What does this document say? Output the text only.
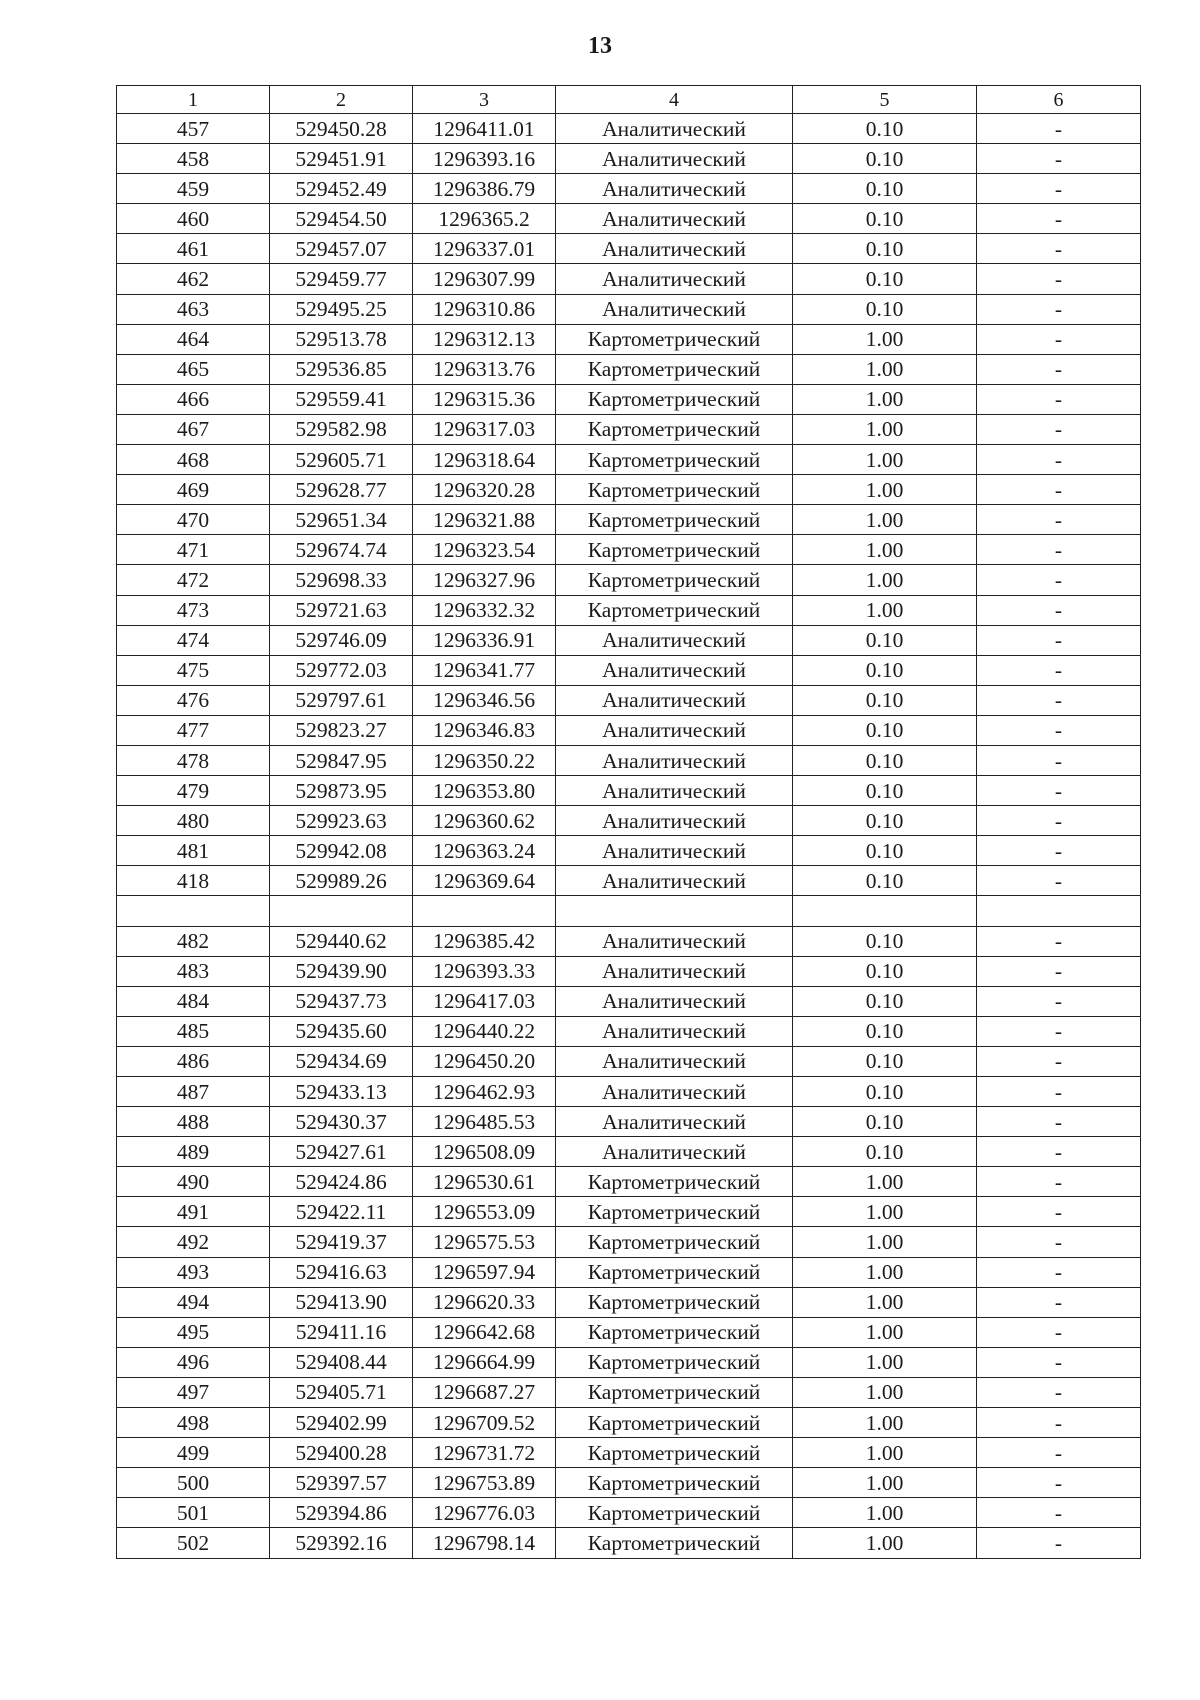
13
1	2	3	4	5	6
457	529450.28	1296411.01	Аналитический	0.10	-
458	529451.91	1296393.16	Аналитический	0.10	-
459	529452.49	1296386.79	Аналитический	0.10	-
460	529454.50	1296365.2	Аналитический	0.10	-
461	529457.07	1296337.01	Аналитический	0.10	-
462	529459.77	1296307.99	Аналитический	0.10	-
463	529495.25	1296310.86	Аналитический	0.10	-
464	529513.78	1296312.13	Картометрический	1.00	-
465	529536.85	1296313.76	Картометрический	1.00	-
466	529559.41	1296315.36	Картометрический	1.00	-
467	529582.98	1296317.03	Картометрический	1.00	-
468	529605.71	1296318.64	Картометрический	1.00	-
469	529628.77	1296320.28	Картометрический	1.00	-
470	529651.34	1296321.88	Картометрический	1.00	-
471	529674.74	1296323.54	Картометрический	1.00	-
472	529698.33	1296327.96	Картометрический	1.00	-
473	529721.63	1296332.32	Картометрический	1.00	-
474	529746.09	1296336.91	Аналитический	0.10	-
475	529772.03	1296341.77	Аналитический	0.10	-
476	529797.61	1296346.56	Аналитический	0.10	-
477	529823.27	1296346.83	Аналитический	0.10	-
478	529847.95	1296350.22	Аналитический	0.10	-
479	529873.95	1296353.80	Аналитический	0.10	-
480	529923.63	1296360.62	Аналитический	0.10	-
481	529942.08	1296363.24	Аналитический	0.10	-
418	529989.26	1296369.64	Аналитический	0.10	-

482	529440.62	1296385.42	Аналитический	0.10	-
483	529439.90	1296393.33	Аналитический	0.10	-
484	529437.73	1296417.03	Аналитический	0.10	-
485	529435.60	1296440.22	Аналитический	0.10	-
486	529434.69	1296450.20	Аналитический	0.10	-
487	529433.13	1296462.93	Аналитический	0.10	-
488	529430.37	1296485.53	Аналитический	0.10	-
489	529427.61	1296508.09	Аналитический	0.10	-
490	529424.86	1296530.61	Картометрический	1.00	-
491	529422.11	1296553.09	Картометрический	1.00	-
492	529419.37	1296575.53	Картометрический	1.00	-
493	529416.63	1296597.94	Картометрический	1.00	-
494	529413.90	1296620.33	Картометрический	1.00	-
495	529411.16	1296642.68	Картометрический	1.00	-
496	529408.44	1296664.99	Картометрический	1.00	-
497	529405.71	1296687.27	Картометрический	1.00	-
498	529402.99	1296709.52	Картометрический	1.00	-
499	529400.28	1296731.72	Картометрический	1.00	-
500	529397.57	1296753.89	Картометрический	1.00	-
501	529394.86	1296776.03	Картометрический	1.00	-
502	529392.16	1296798.14	Картометрический	1.00	-
